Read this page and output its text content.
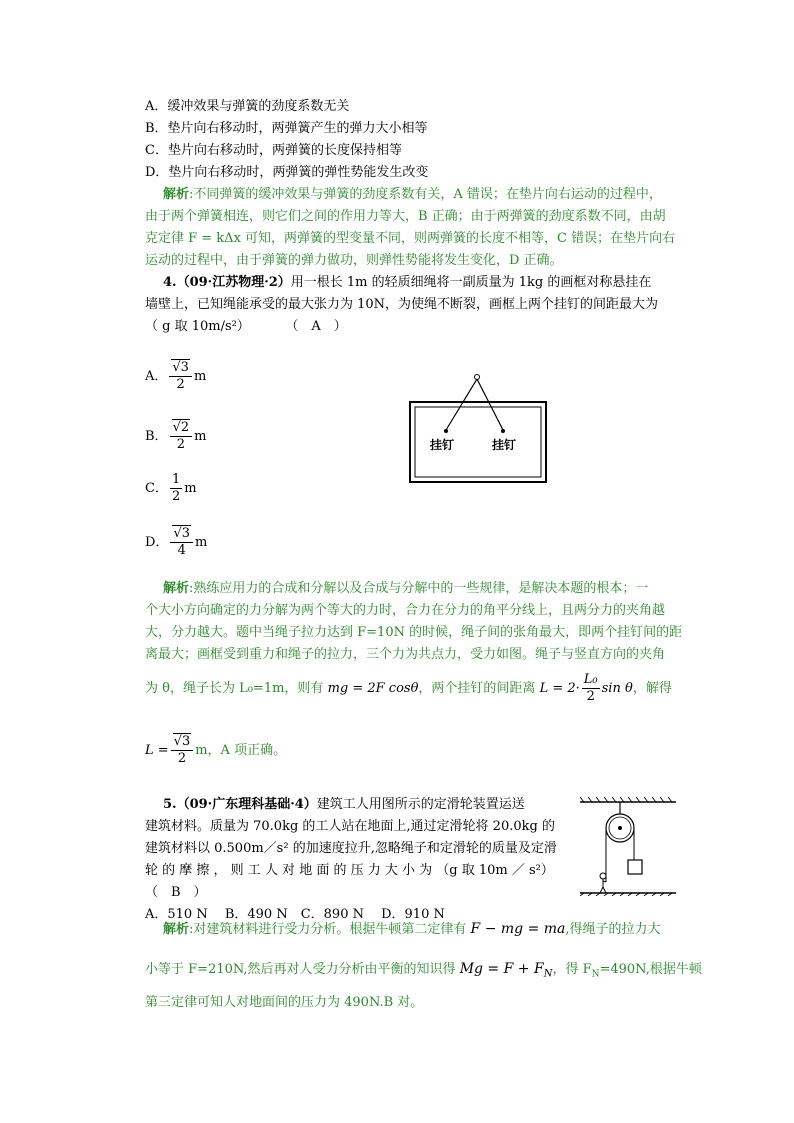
A．缓冲效果与弹簧的劲度系数无关
B．垫片向右移动时，两弹簧产生的弹力大小相等
C．垫片向右移动时，两弹簧的长度保持相等
D．垫片向右移动时，两弹簧的弹性势能发生改变
解析:不同弹簧的缓冲效果与弹簧的劲度系数有关，A 错误；在垫片向右运动的过程中，
由于两个弹簧相连，则它们之间的作用力等大，B 正确；由于两弹簧的劲度系数不同，由胡
克定律 F = kΔx 可知，两弹簧的型变量不同，则两弹簧的长度不相等，C 错误；在垫片向右
运动的过程中，由于弹簧的弹力做功，则弹性势能将发生变化，D 正确。
4.（09·江苏物理·2）用一根长 1m 的轻质细绳将一副质量为 1kg 的画框对称悬挂在
墙壁上，已知绳能承受的最大张力为 10N，为使绳不断裂，画框上两个挂钉的间距最大为
（ g 取 10m/s²）	（　A　）
A． $\frac{√3}{2}$ m
B． $\frac{√2}{2}$ m
C． $\frac{1}{2}$ m
D． $\frac{√3}{4}$ m
挂钉	挂钉
解析:熟练应用力的合成和分解以及合成与分解中的一些规律，是解决本题的根本；一
个大小方向确定的力分解为两个等大的力时，合力在分力的角平分线上，且两分力的夹角越
大，分力越大。题中当绳子拉力达到 F=10N 的时候，绳子间的张角最大，即两个挂钉间的距
离最大；画框受到重力和绳子的拉力，三个力为共点力，受力如图。绳子与竖直方向的夹角
为 θ，绳子长为 L₀=1m，则有 mg = 2F cosθ，两个挂钉的间距离 $L = 2\cdot \frac{\text{L₀}}{2}$ sin θ，解得
$L = \frac{√3}{2}$ m，A 项正确。
5.（09·广东理科基础·4）建筑工人用图所示的定滑轮装置运送
建筑材料。质量为 70.0kg 的工人站在地面上,通过定滑轮将 20.0kg 的
建筑材料以 0.500m／s² 的加速度拉升,忽略绳子和定滑轮的质量及定滑
轮 的 摩 擦 ， 则 工 人 对 地 面 的 压 力 大 小 为 （g 取 10m ／ s²）
（　B　）
A．510 N　 B．490 N　C．890 N　 D．910 N
解析:对建筑材料进行受力分析。根据牛顿第二定律有 F − mg = ma,得绳子的拉力大
小等于 F=210N,然后再对人受力分析由平衡的知识得 $Mg = F + F_N$，得 $F_N=490N$,根据牛顿
第三定律可知人对地面间的压力为 490N.B 对。
